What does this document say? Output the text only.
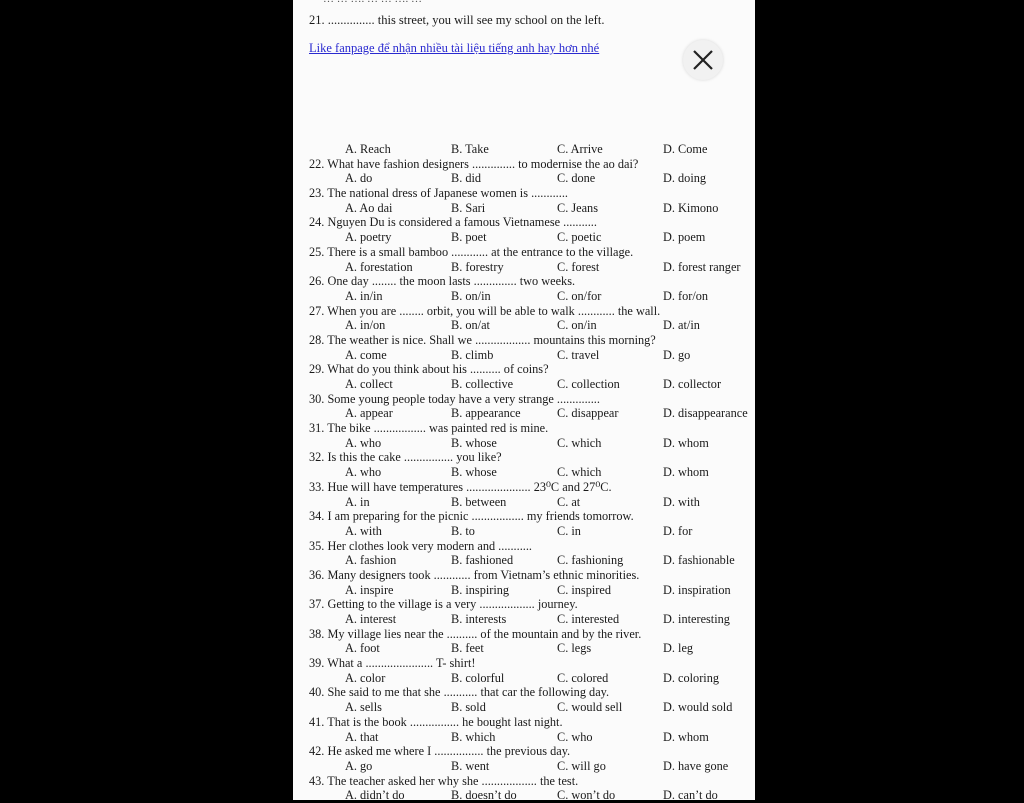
21. ............... this street, you will see my school on the left.
Like fanpage để nhận nhiều tài liệu tiếng anh hay hơn nhé
A. Reach	B. Take	C. Arrive	D. Come
22. What have fashion designers .............. to modernise the ao dai?
A. do	B. did	C. done	D. doing
23. The national dress of Japanese women is ............
A. Ao dai	B. Sari	C. Jeans	D. Kimono
24. Nguyen Du is considered a famous Vietnamese ...........
A. poetry	B. poet	C. poetic	D. poem
25. There is a small bamboo ............ at the entrance to the village.
A. forestation	B. forestry	C. forest	D. forest ranger
26. One day ........ the moon lasts .............. two weeks.
A. in/in	B. on/in	C. on/for	D. for/on
27. When you are ........ orbit, you will be able to walk ............ the wall.
A. in/on	B. on/at	C. on/in	D. at/in
28. The weather is nice. Shall we .................. mountains this morning?
A. come	B. climb	C. travel	D. go
29. What do you think about his .......... of coins?
A. collect	B. collective	C. collection	D. collector
30. Some young people today have a very strange ..............
A. appear	B. appearance	C. disappear	D. disappearance
31. The bike ................. was painted red is mine.
A. who	B. whose	C. which	D. whom
32. Is this the cake ................ you like?
A. who	B. whose	C. which	D. whom
33. Hue will have temperatures ..................... 23⁰C and 27⁰C.
A. in	B. between	C. at	D. with
34. I am preparing for the picnic ................. my friends tomorrow.
A. with	B. to	C. in	D. for
35. Her clothes look very modern and ...........
A. fashion	B. fashioned	C. fashioning	D. fashionable
36. Many designers took ............ from Vietnam’s ethnic minorities.
A. inspire	B. inspiring	C. inspired	D. inspiration
37. Getting to the village is a very .................. journey.
A. interest	B. interests	C. interested	D. interesting
38. My village lies near the .......... of the mountain and by the river.
A. foot	B. feet	C. legs	D. leg
39. What a ...................... T- shirt!
A. color	B. colorful	C. colored	D. coloring
40. She said to me that she ........... that car the following day.
A. sells	B. sold	C. would sell	D. would sold
41. That is the book ................ he bought last night.
A. that	B. which	C. who	D. whom
42. He asked me where I ................ the previous day.
A. go	B. went	C. will go	D. have gone
43. The teacher asked her why she .................. the test.
A. didn’t do	B. doesn’t do	C. won’t do	D. can’t do
